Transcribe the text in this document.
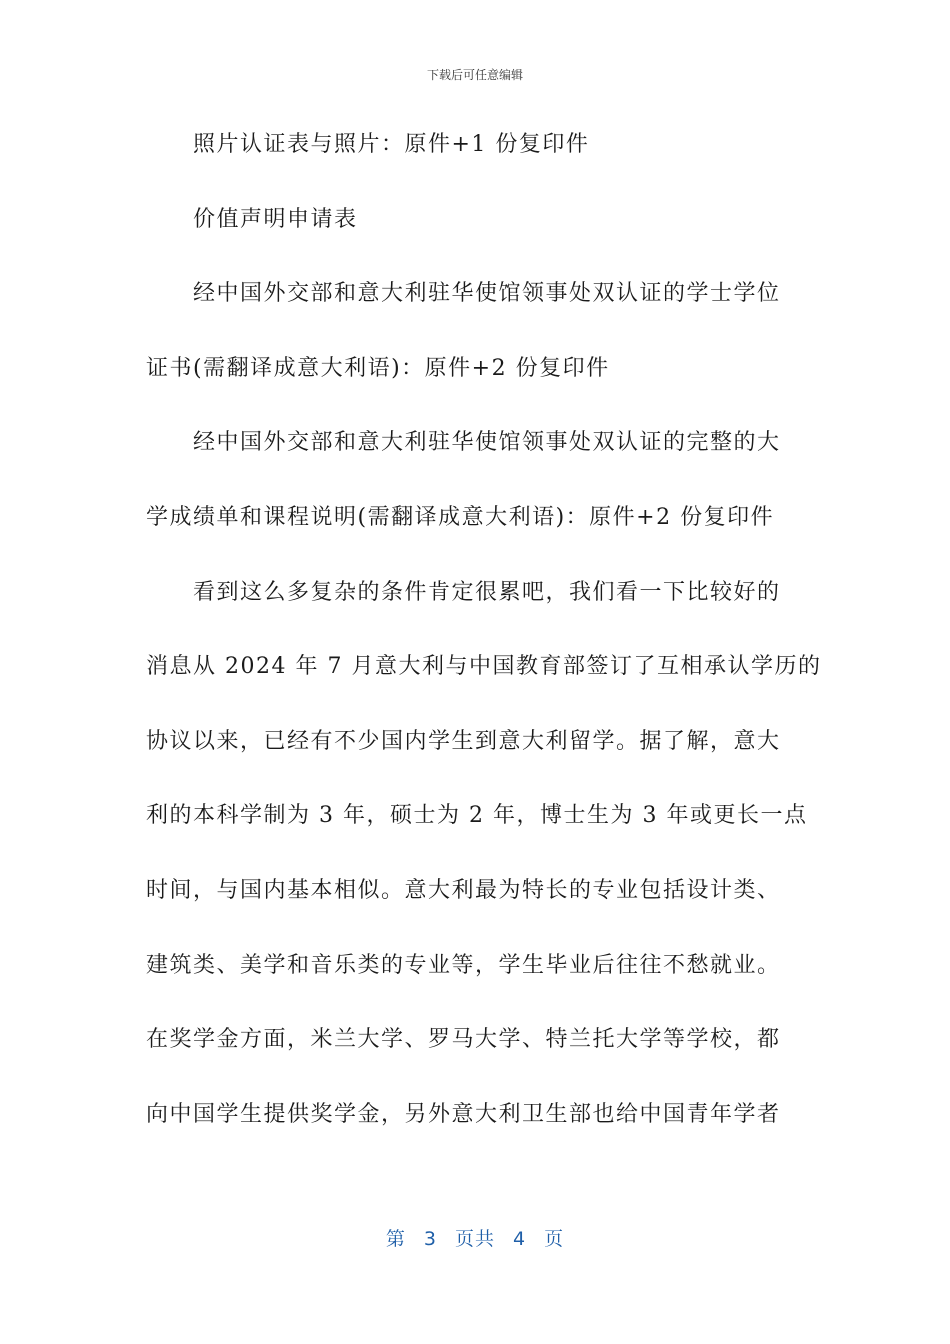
下载后可任意编辑
照片认证表与照片：原件+1 份复印件
价值声明申请表
经中国外交部和意大利驻华使馆领事处双认证的学士学位
证书(需翻译成意大利语)：原件+2 份复印件
经中国外交部和意大利驻华使馆领事处双认证的完整的大
学成绩单和课程说明(需翻译成意大利语)：原件+2 份复印件
看到这么多复杂的条件肯定很累吧，我们看一下比较好的
消息从 2024 年 7 月意大利与中国教育部签订了互相承认学历的
协议以来，已经有不少国内学生到意大利留学。据了解，意大
利的本科学制为 3 年，硕士为 2 年，博士生为 3 年或更长一点
时间，与国内基本相似。意大利最为特长的专业包括设计类、
建筑类、美学和音乐类的专业等，学生毕业后往往不愁就业。
在奖学金方面，米兰大学、罗马大学、特兰托大学等学校，都
向中国学生提供奖学金，另外意大利卫生部也给中国青年学者
第 3 页共 4 页
